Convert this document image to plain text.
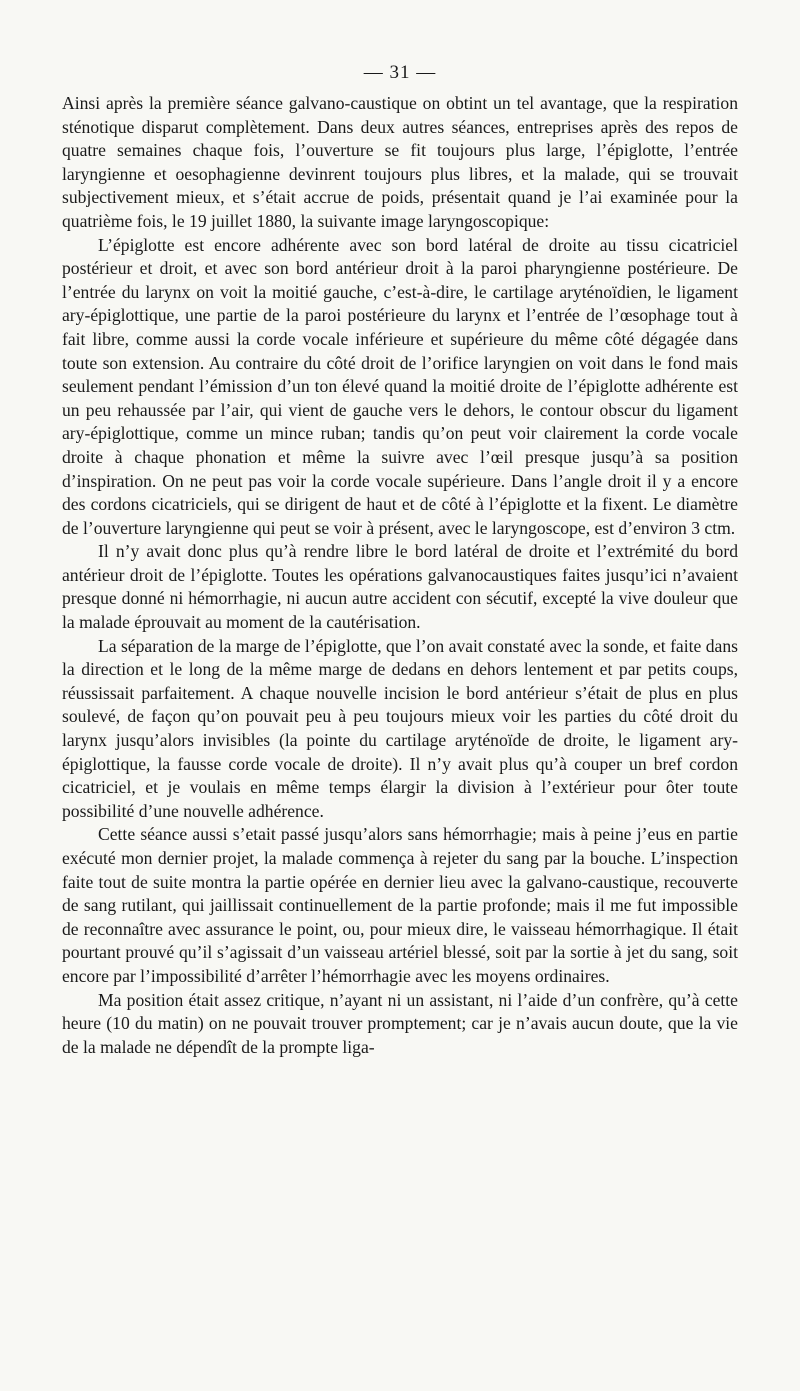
— 31 —

Ainsi après la première séance galvano-caustique on obtint un tel avantage, que la respiration sténotique disparut complètement. Dans deux autres séances, entreprises après des repos de quatre semaines chaque fois, l’ouverture se fit toujours plus large, l’épiglotte, l’entrée laryngienne et oesophagienne devinrent toujours plus libres, et la malade, qui se trouvait subjectivement mieux, et s’était accrue de poids, présentait quand je l’ai examinée pour la quatrième fois, le 19 juillet 1880, la suivante image laryngoscopique:

L’épiglotte est encore adhérente avec son bord latéral de droite au tissu cicatriciel postérieur et droit, et avec son bord antérieur droit à la paroi pharyngienne postérieure. De l’entrée du larynx on voit la moitié gauche, c’est-à-dire, le cartilage aryténoïdien, le ligament ary-épiglottique, une partie de la paroi postérieure du larynx et l’entrée de l’œsophage tout à fait libre, comme aussi la corde vocale inférieure et supérieure du même côté dégagée dans toute son extension. Au contraire du côté droit de l’orifice laryngien on voit dans le fond mais seulement pendant l’émission d’un ton élevé quand la moitié droite de l’épiglotte adhérente est un peu rehaussée par l’air, qui vient de gauche vers le dehors, le contour obscur du ligament ary-épiglottique, comme un mince ruban; tandis qu’on peut voir clairement la corde vocale droite à chaque phonation et même la suivre avec l’œil presque jusqu’à sa position d’inspiration. On ne peut pas voir la corde vocale supérieure. Dans l’angle droit il y a encore des cordons cicatriciels, qui se dirigent de haut et de côté à l’épiglotte et la fixent. Le diamètre de l’ouverture laryngienne qui peut se voir à présent, avec le laryngoscope, est d’environ 3 ctm.

Il n’y avait donc plus qu’à rendre libre le bord latéral de droite et l’extrémité du bord antérieur droit de l’épiglotte. Toutes les opérations galvanocaustiques faites jusqu’ici n’avaient presque donné ni hémorrhagie, ni aucun autre accident con sécutif, excepté la vive douleur que la malade éprouvait au moment de la cautérisation.

La séparation de la marge de l’épiglotte, que l’on avait constaté avec la sonde, et faite dans la direction et le long de la même marge de dedans en dehors lentement et par petits coups, réussissait parfaitement. A chaque nouvelle incision le bord antérieur s’était de plus en plus soulevé, de façon qu’on pouvait peu à peu toujours mieux voir les parties du côté droit du larynx jusqu’alors invisibles (la pointe du cartilage aryténoïde de droite, le ligament ary-épiglottique, la fausse corde vocale de droite). Il n’y avait plus qu’à couper un bref cordon cicatriciel, et je voulais en même temps élargir la division à l’extérieur pour ôter toute possibilité d’une nouvelle adhérence.

Cette séance aussi s’etait passé jusqu’alors sans hémorrhagie; mais à peine j’eus en partie exécuté mon dernier projet, la malade commença à rejeter du sang par la bouche. L’inspection faite tout de suite montra la partie opérée en dernier lieu avec la galvano-caustique, recouverte de sang rutilant, qui jaillissait continuellement de la partie profonde; mais il me fut impossible de reconnaître avec assurance le point, ou, pour mieux dire, le vaisseau hémorrhagique. Il était pourtant prouvé qu’il s’agissait d’un vaisseau artériel blessé, soit par la sortie à jet du sang, soit encore par l’impossibilité d’arrêter l’hémorrhagie avec les moyens ordinaires.

Ma position était assez critique, n’ayant ni un assistant, ni l’aide d’un confrère, qu’à cette heure (10 du matin) on ne pouvait trouver promptement; car je n’avais aucun doute, que la vie de la malade ne dépendît de la prompte liga-
